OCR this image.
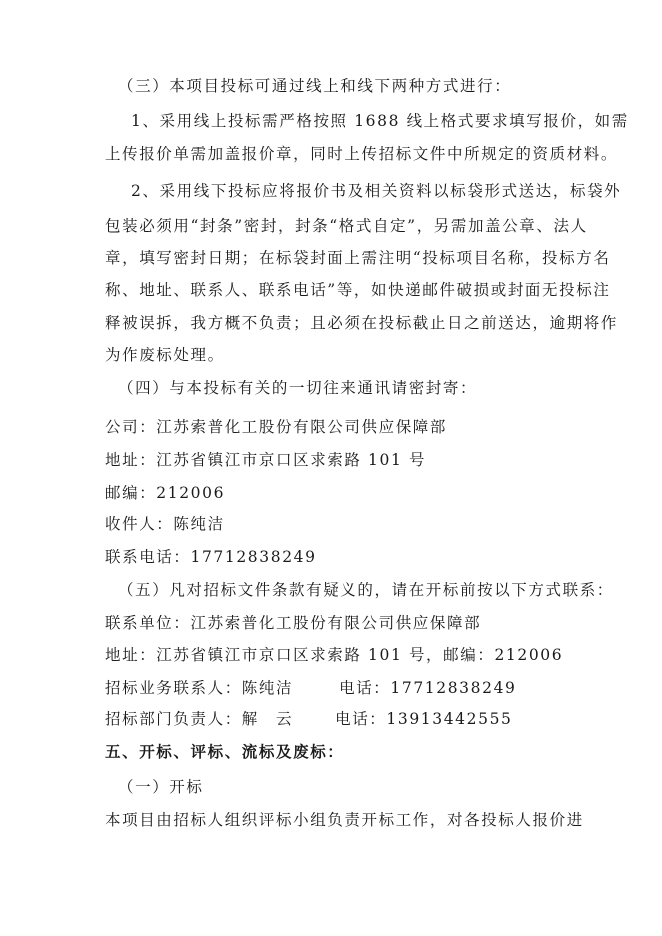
（三）本项目投标可通过线上和线下两种方式进行：
1、采用线上投标需严格按照 1688 线上格式要求填写报价，如需
上传报价单需加盖报价章，同时上传招标文件中所规定的资质材料。
2、采用线下投标应将报价书及相关资料以标袋形式送达，标袋外
包装必须用“封条”密封，封条“格式自定”，另需加盖公章、法人
章，填写密封日期；在标袋封面上需注明“投标项目名称，投标方名
称、地址、联系人、联系电话”等，如快递邮件破损或封面无投标注
释被误拆，我方概不负责；且必须在投标截止日之前送达，逾期将作
为作废标处理。
（四）与本投标有关的一切往来通讯请密封寄：
公司：江苏索普化工股份有限公司供应保障部
地址：江苏省镇江市京口区求索路 101 号
邮编：212006
收件人：陈纯洁
联系电话：17712838249
（五）凡对招标文件条款有疑义的，请在开标前按以下方式联系：
联系单位：江苏索普化工股份有限公司供应保障部
地址：江苏省镇江市京口区求索路 101 号，邮编：212006
招标业务联系人：陈纯洁	电话：17712838249
招标部门负责人：解　云	电话：13913442555
五、开标、评标、流标及废标：
（一）开标
本项目由招标人组织评标小组负责开标工作，对各投标人报价进
